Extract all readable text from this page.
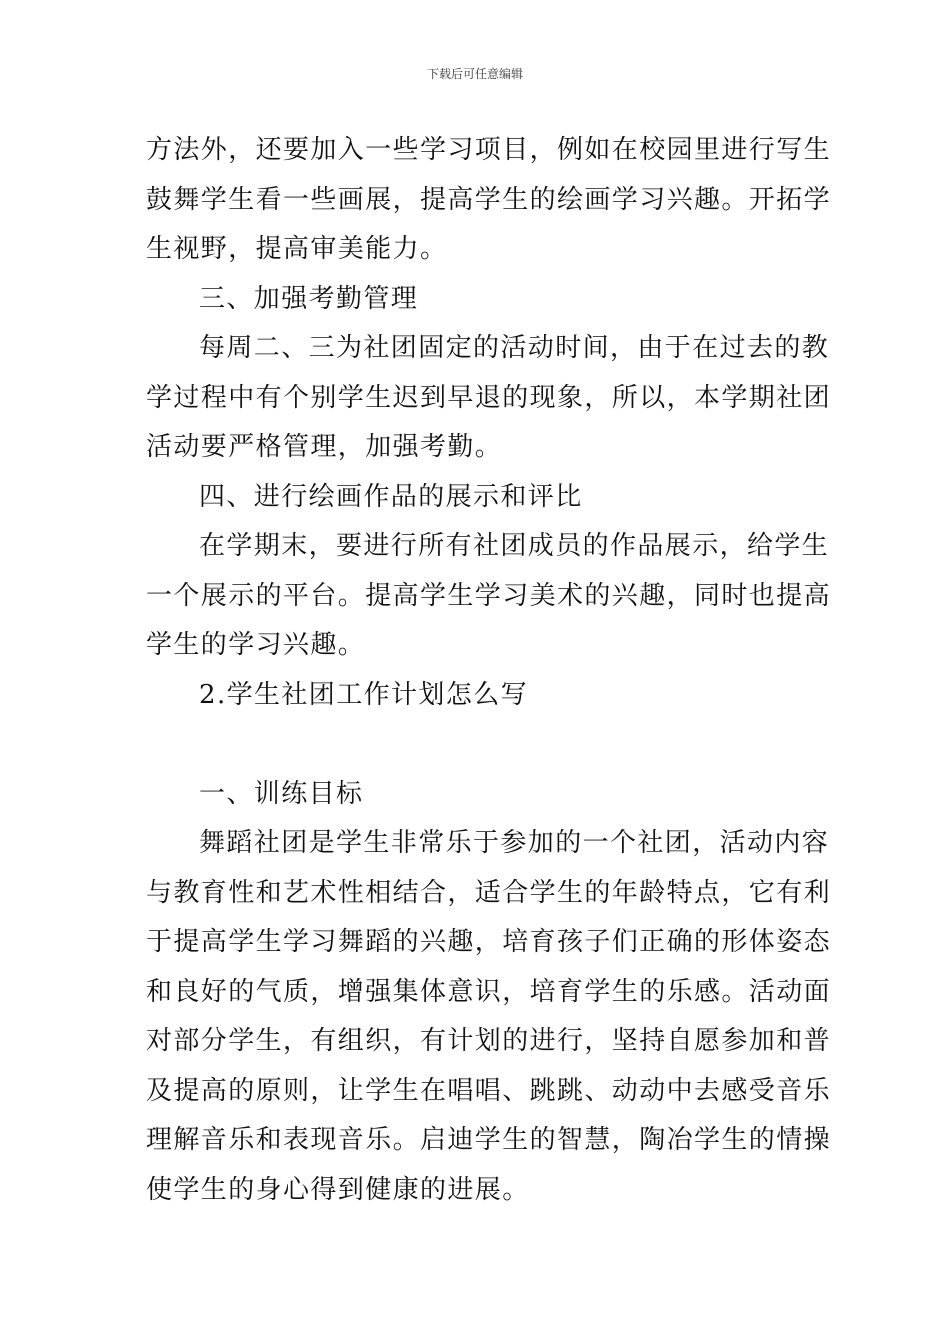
下载后可任意编辑
方法外，还要加入一些学习项目，例如在校园里进行写生
鼓舞学生看一些画展，提高学生的绘画学习兴趣。开拓学
生视野，提高审美能力。
三、加强考勤管理
每周二、三为社团固定的活动时间，由于在过去的教
学过程中有个别学生迟到早退的现象，所以，本学期社团
活动要严格管理，加强考勤。
四、进行绘画作品的展示和评比
在学期末，要进行所有社团成员的作品展示，给学生
一个展示的平台。提高学生学习美术的兴趣，同时也提高
学生的学习兴趣。
2.学生社团工作计划怎么写
一、训练目标
舞蹈社团是学生非常乐于参加的一个社团，活动内容
与教育性和艺术性相结合，适合学生的年龄特点，它有利
于提高学生学习舞蹈的兴趣，培育孩子们正确的形体姿态
和良好的气质，增强集体意识，培育学生的乐感。活动面
对部分学生，有组织，有计划的进行，坚持自愿参加和普
及提高的原则，让学生在唱唱、跳跳、动动中去感受音乐
理解音乐和表现音乐。启迪学生的智慧，陶冶学生的情操
使学生的身心得到健康的进展。
